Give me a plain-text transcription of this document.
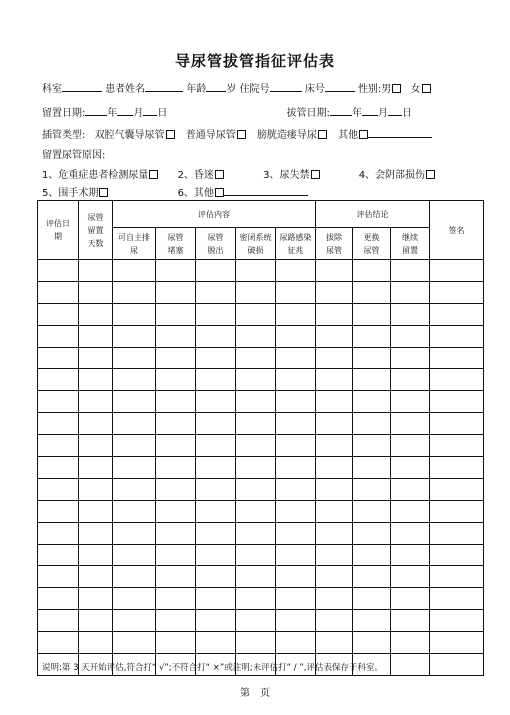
导尿管拔管指征评估表
科室	患者姓名	年龄 岁 住院号	床号	性别:男 女
留置日期: 年 月 日	拔管日期: 年 月 日
插管类型: 双腔气囊导尿管 普通导尿管 膀胱造瘘导尿 其他
留置尿管原因:
1、危重症患者检测尿量	2、昏迷	3、尿失禁	4、会阴部损伤
5、围手术期	6、其他
评估日期	尿管留置天数	评估内容					评估结论			签名

		可自主排尿	尿管堵塞	尿管脱出	密闭系统破损	尿路感染征兆	拔除尿管	更换尿管	继续留置	

说明:第 3 天开始评估,符合打“ √”;不符合打“ ×”或注明;未评估打“ / ”,评估表保存于科室。
第　页
